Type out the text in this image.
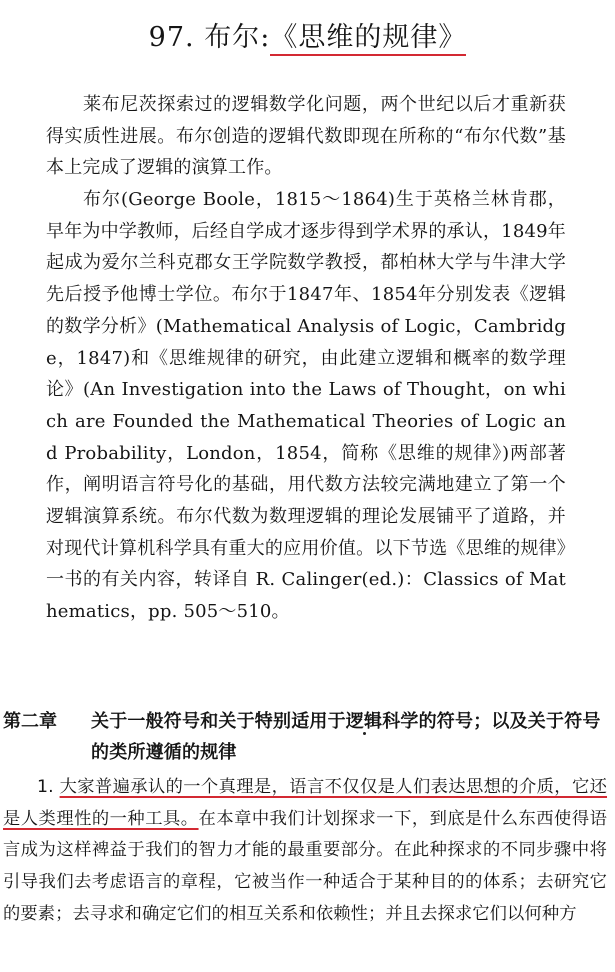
97. 布尔:《思维的规律》

莱布尼茨探索过的逻辑数学化问题，两个世纪以后才重新获得实质性进展。布尔创造的逻辑代数即现在所称的“布尔代数”基本上完成了逻辑的演算工作。

布尔(George Boole，1815～1864)生于英格兰林肯郡，早年为中学教师，后经自学成才逐步得到学术界的承认，1849年起成为爱尔兰科克郡女王学院数学教授，都柏林大学与牛津大学先后授予他博士学位。布尔于1847年、1854年分别发表《逻辑的数学分析》(Mathematical Analysis of Logic，Cambridge，1847)和《思维规律的研究，由此建立逻辑和概率的数学理论》(An Investigation into the Laws of Thought，on which are Founded the Mathematical Theories of Logic and Probability，London，1854，简称《思维的规律》)两部著作，阐明语言符号化的基础，用代数方法较完满地建立了第一个逻辑演算系统。布尔代数为数理逻辑的理论发展铺平了道路，并对现代计算机科学具有重大的应用价值。以下节选《思维的规律》一书的有关内容，转译自 R. Calinger(ed.)：Classics of Mathematics，pp. 505～510。

第二章 关于一般符号和关于特别适用于逻辑科学的符号；以及关于符号的类所遵循的规律

1. 大家普遍承认的一个真理是，语言不仅仅是人们表达思想的介质，它还是人类理性的一种工具。在本章中我们计划探求一下，到底是什么东西使得语言成为这样裨益于我们的智力才能的最重要部分。在此种探求的不同步骤中将引导我们去考虑语言的章程，它被当作一种适合于某种目的的体系；去研究它的要素；去寻求和确定它们的相互关系和依赖性；并且去探求它们以何种方
